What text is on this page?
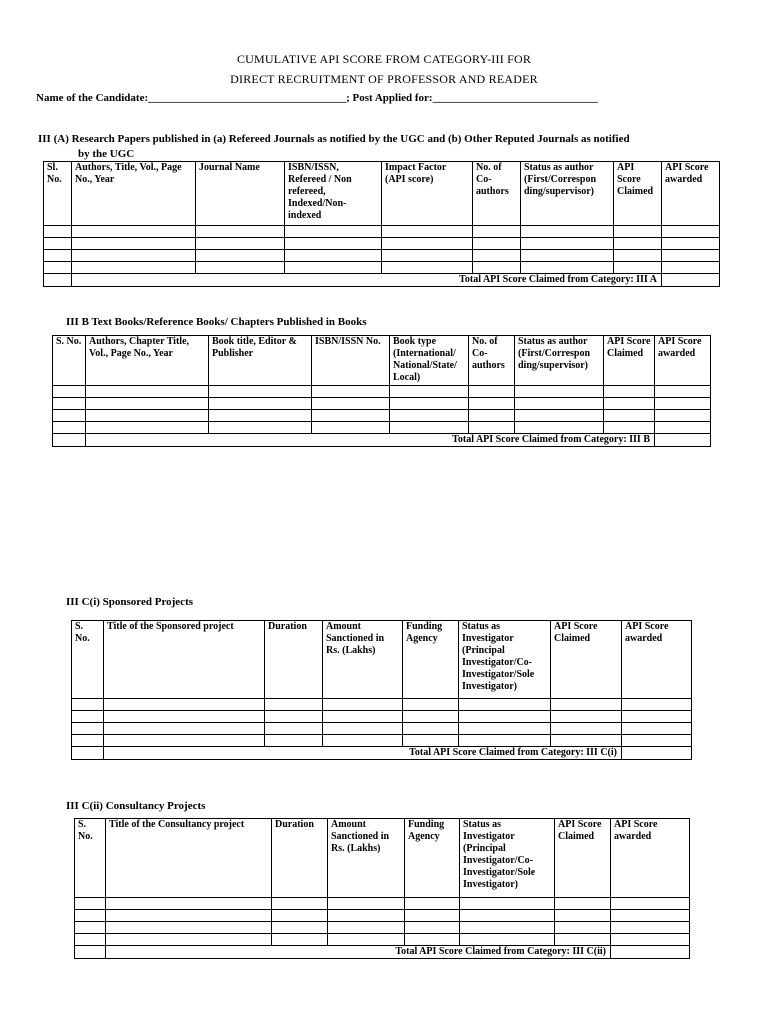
CUMULATIVE API SCORE FROM CATEGORY-III FOR
DIRECT RECRUITMENT OF PROFESSOR AND READER
Name of the Candidate:____________________________________; Post Applied for:______________________________
III (A) Research Papers published in (a) Refereed Journals as notified by the UGC and (b) Other Reputed Journals as notified
by the UGC
Sl. No.	Authors, Title, Vol., Page No., Year	Journal Name	ISBN/ISSN, Refereed / Non refereed, Indexed/Non-indexed	Impact Factor (API score)	No. of Co-authors	Status as author (First/Correspon ding/supervisor)	API Score Claimed	API Score awarded

	Total API Score Claimed from Category: III A							
III B Text Books/Reference Books/ Chapters Published in Books
S. No.	Authors, Chapter Title, Vol., Page No., Year	Book title, Editor & Publisher	ISBN/ISSN No.	Book type (International/ National/State/ Local)	No. of Co-authors	Status as author (First/Correspon ding/supervisor)	API Score Claimed	API Score awarded

	Total API Score Claimed from Category: III B							
III C(i) Sponsored Projects
S. No.	Title of the Sponsored project	Duration	Amount Sanctioned in Rs. (Lakhs)	Funding Agency	Status as Investigator (Principal Investigator/Co-Investigator/Sole Investigator)	API Score Claimed	API Score awarded

	Total API Score Claimed from Category: III C(i)						
III C(ii) Consultancy Projects
S. No.	Title of the Consultancy project	Duration	Amount Sanctioned in Rs. (Lakhs)	Funding Agency	Status as Investigator (Principal Investigator/Co-Investigator/Sole Investigator)	API Score Claimed	API Score awarded

	Total API Score Claimed from Category: III C(ii)						
